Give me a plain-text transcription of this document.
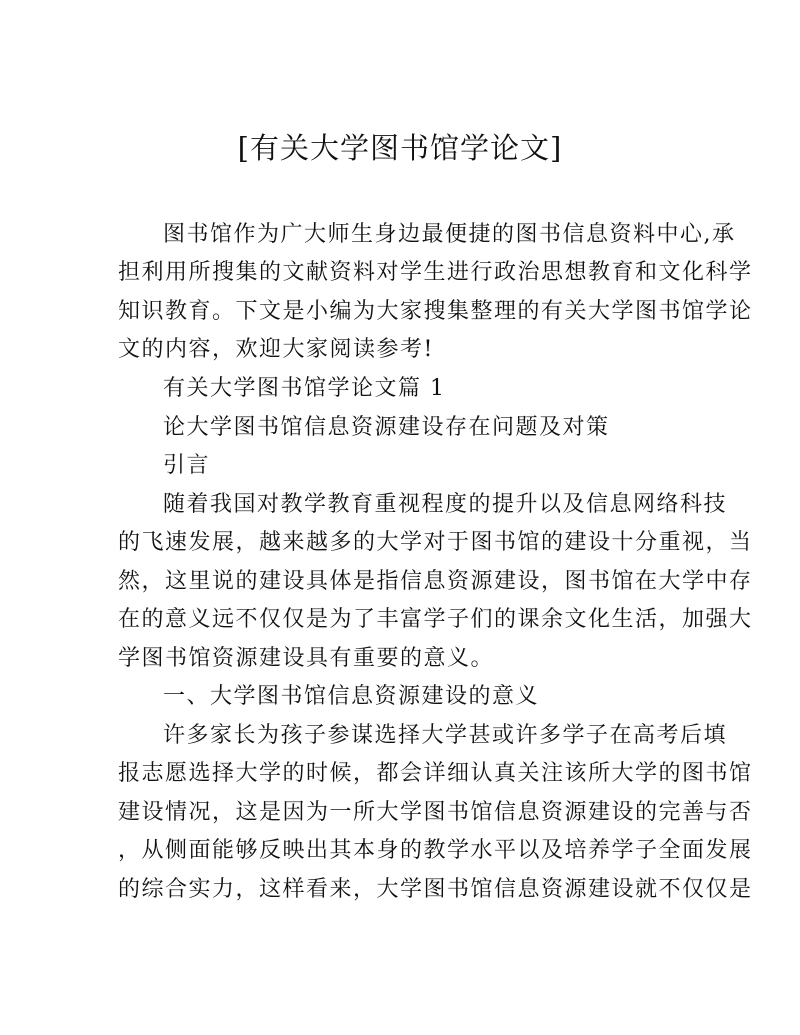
[有关大学图书馆学论文]
图书馆作为广大师生身边最便捷的图书信息资料中心,承
担利用所搜集的文献资料对学生进行政治思想教育和文化科学
知识教育。下文是小编为大家搜集整理的有关大学图书馆学论
文的内容，欢迎大家阅读参考!
有关大学图书馆学论文篇 1
论大学图书馆信息资源建设存在问题及对策
引言
随着我国对教学教育重视程度的提升以及信息网络科技
的飞速发展，越来越多的大学对于图书馆的建设十分重视，当
然，这里说的建设具体是指信息资源建设，图书馆在大学中存
在的意义远不仅仅是为了丰富学子们的课余文化生活，加强大
学图书馆资源建设具有重要的意义。
一、大学图书馆信息资源建设的意义
许多家长为孩子参谋选择大学甚或许多学子在高考后填
报志愿选择大学的时候，都会详细认真关注该所大学的图书馆
建设情况，这是因为一所大学图书馆信息资源建设的完善与否
，从侧面能够反映出其本身的教学水平以及培养学子全面发展
的综合实力，这样看来，大学图书馆信息资源建设就不仅仅是
